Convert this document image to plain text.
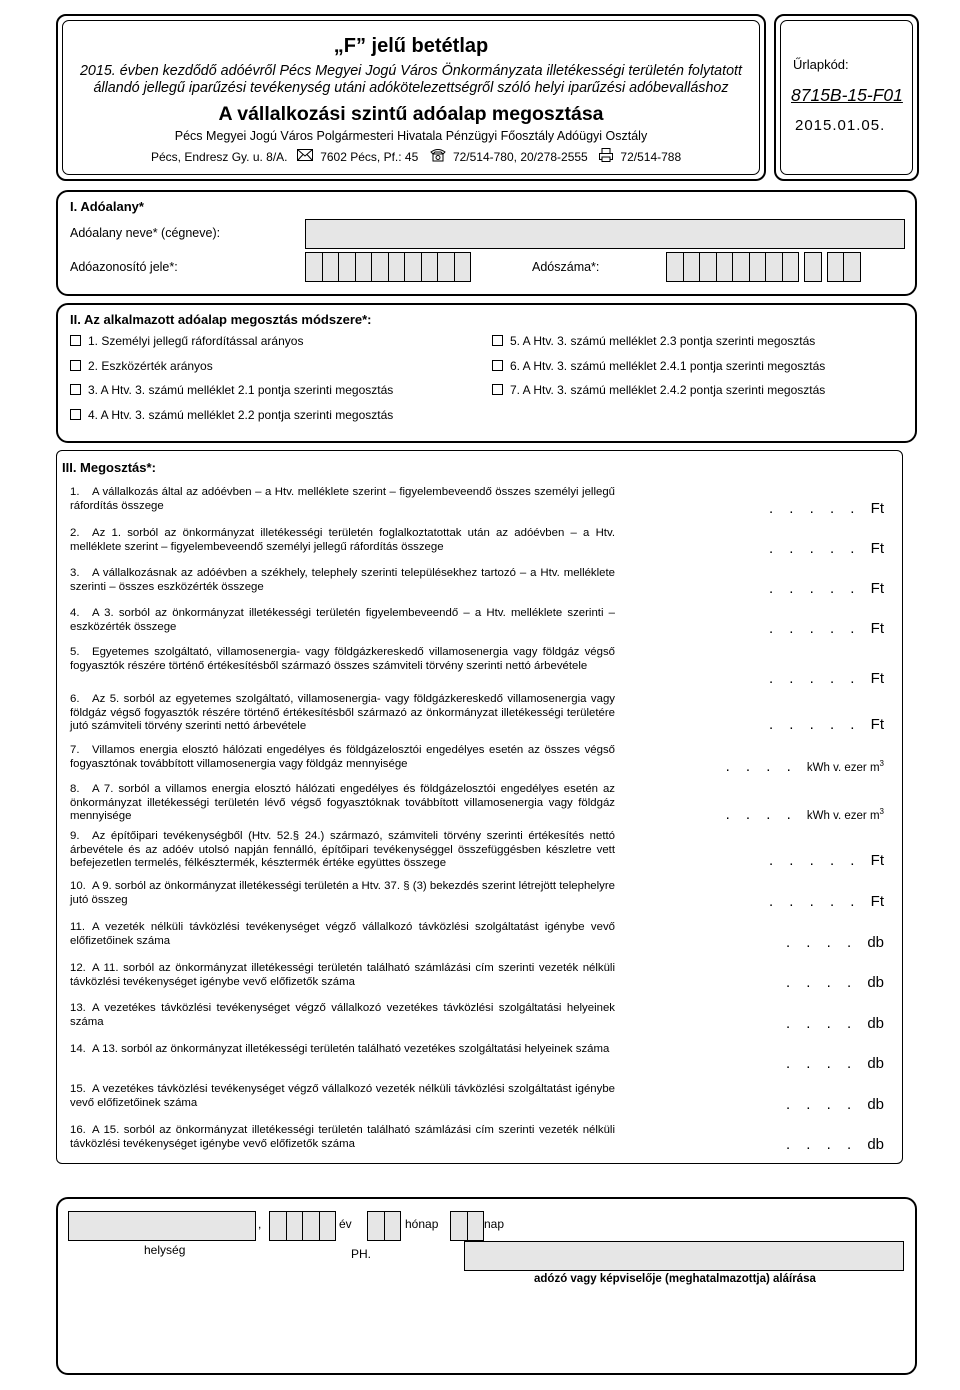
„F” jelű betétlap
2015. évben kezdődő adóévről Pécs Megyei Jogú Város Önkormányzata illetékességi területén folytatott
állandó jellegű iparűzési tevékenység utáni adókötelezettségről szóló helyi iparűzési adóbevalláshoz
A vállalkozási szintű adóalap megosztása
Pécs Megyei Jogú Város Polgármesteri Hivatala Pénzügyi Főosztály Adóügyi Osztály
Pécs, Endresz Gy. u. 8/A.	7602 Pécs, Pf.: 45	72/514-780, 20/278-2555	72/514-788
Űrlapkód:
8715B-15-F01
2015.01.05.
I. Adóalany*
Adóalany neve* (cégneve):
Adóazonosító jele*:	Adószáma*:
II. Az alkalmazott adóalap megosztás módszere*:
1. Személyi jellegű ráfordítással arányos
2. Eszközérték arányos
3. A Htv. 3. számú melléklet 2.1 pontja szerinti megosztás
4. A Htv. 3. számú melléklet 2.2 pontja szerinti megosztás
5. A Htv. 3. számú melléklet 2.3 pontja szerinti megosztás
6. A Htv. 3. számú melléklet 2.4.1 pontja szerinti megosztás
7. A Htv. 3. számú melléklet 2.4.2 pontja szerinti megosztás
III. Megosztás*:
1. A vállalkozás által az adóévben – a Htv. melléklete szerint – figyelembeveendő összes személyi jellegű ráfordítás összege	. . . . . Ft
2. Az 1. sorból az önkormányzat illetékességi területén foglalkoztatottak után az adóévben – a Htv. melléklete szerint – figyelembeveendő személyi jellegű ráfordítás összege	. . . . . Ft
3. A vállalkozásnak az adóévben a székhely, telephely szerinti településekhez tartozó – a Htv. melléklete szerinti – összes eszközérték összege	. . . . . Ft
4. A 3. sorból az önkormányzat illetékességi területén figyelembeveendő – a Htv. melléklete szerinti – eszközérték összege	. . . . . Ft
5. Egyetemes szolgáltató, villamosenergia- vagy földgázkereskedő villamosenergia vagy földgáz végső fogyasztók részére történő értékesítésből származó összes számviteli törvény szerinti nettó árbevétele
. . . . . Ft
6. Az 5. sorból az egyetemes szolgáltató, villamosenergia- vagy földgázkereskedő villamosenergia vagy földgáz végső fogyasztók részére történő értékesítésből származó az önkormányzat illetékességi területére jutó számviteli törvény szerinti nettó árbevétele	. . . . . Ft
7. Villamos energia elosztó hálózati engedélyes és földgázelosztói engedélyes esetén az összes végső fogyasztónak továbbított villamosenergia vagy földgáz mennyisége	. . . . kWh v. ezer $m^3$
8. A 7. sorból a villamos energia elosztó hálózati engedélyes és földgázelosztói engedélyes esetén az önkormányzat illetékességi területén lévő végső fogyasztóknak továbbított villamosenergia vagy földgáz mennyisége	. . . . kWh v. ezer $m^3$
9. Az építőipari tevékenységből (Htv. 52.§ 24.) származó, számviteli törvény szerinti értékesítés nettó árbevétele és az adóév utolsó napján fennálló, építőipari tevékenységgel összefüggésben készletre vett befejezetlen termelés, félkésztermék, késztermék értéke együttes összege	. . . . . Ft
10. A 9. sorból az önkormányzat illetékességi területén a Htv. 37. § (3) bekezdés szerint létrejött telephelyre jutó összeg	. . . . . Ft
11. A vezeték nélküli távközlési tevékenységet végző vállalkozó távközlési szolgáltatást igénybe vevő előfizetőinek száma	. . . . db
12. A 11. sorból az önkormányzat illetékességi területén található számlázási cím szerinti vezeték nélküli távközlési tevékenységet igénybe vevő előfizetők száma	. . . . db
13. A vezetékes távközlési tevékenységet végző vállalkozó vezetékes távközlési szolgáltatási helyeinek száma	. . . . db
14. A 13. sorból az önkormányzat illetékességi területén található vezetékes szolgáltatási helyeinek száma
. . . . db
15. A vezetékes távközlési tevékenységet végző vállalkozó vezeték nélküli távközlési szolgáltatást igénybe vevő előfizetőinek száma	. . . . db
16. A 15. sorból az önkormányzat illetékességi területén található számlázási cím szerinti vezeték nélküli távközlési tevékenységet igénybe vevő előfizetők száma	. . . . db
,	év	hónap	nap
helység	PH.
adózó vagy képviselője (meghatalmazottja) aláírása
